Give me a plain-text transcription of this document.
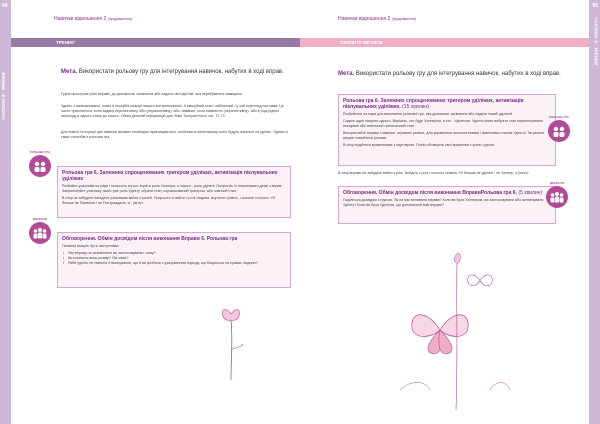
94
ЧАСТИНА 8 · ТРЕНІНГ
95
ЧАСТИНА 8 · ТРЕНІНГ
Навички відношення 2 (продовження)
ТРЕНІНГ
Мета. Використати рольову гру для інтегрування навичок, набутих в ході вправ.
Група прослухає різні вправи, до допомогою засвоєння або надати свої ідеї/лій, яка перебувана в заміщенні.
Уділіть з занепанованої, кожні 6 емоційні реакції нашого контрольованої. 9 емоційний стан / кабінетний / у чий перегляд наставки. Це часто трапляється, коли задану перспективну, або (перспективну), або, наявних, коли наявністю (перспективну), або в роді рідних переходу в одного стану до іншого. Обмін деталей інформацій дня. Вівсі Толерантності стр. 72-73.
Для повної інтеграції цих навичок активно необхідно практикуватися, особливо в маленькому осені будуть нагальні на уділіть. Одним із таких способів є рольова гра.
Рольова гра 6. Залежних спрощенованих тригером уділіжих, активізація піклувальних уділіжих
Розбийте учасників на пари і попросіть когось зіграти роль Хелпера, а іншого - роль уділені. Попросіть їх потренувати деякі з вправ. Запропонуйте учаснику, який грає роль Уділіту, обрати стан, спровокований тригером, або знанний стан.
В кінці не забудьте нагадати учасникам вийти з ролей. Попросіть їх вийти з ролі людини, яку вони грають, і сказати голосно: «Я більше не Помічник / не Постраждала, я - (ім'я)».
РОЛЬОВА ГРА
Обговорення. Обмін досвідом після виконання Вправи 6. Рольова гра
Питання можуть бути наступними:
• Яку вправу на заземлення ви застосовували і чому?
• Ви помітили якісь розмір? Які саме?
• Якби уділіть не хвилітів б вмочування, що б ви зробили з урахуванням підходу, що базуються на правах людини?
ДИСКУСІЯ
Навички відношення 2 (продовження)
ОХОПИТЕ МІГАЕЛЕ
Мета. Використати рольову гру для інтегрування навичок, набутих в ході вправ.
Рольова гра 6. Залежних спрощенованих тригером уділіжих, активізація піклувальних уділіжих. (15 хвилин)
Розбийтеся на пари для виконання рольової гри, яка допоможе засвоєння або надати інший уділеній.
Сядьте один напроти одного. Вирішіть, хто буде Хелпером, а хто - Уділеною. Уділіта може вибрати стан перепонування емоціями або агатичний гриличичний стан.
Використайте вправи і навички, отримані раніше, для управління психологічними і фізичними станом Уділітої. Зв рекомт кінцеві помийтеся ролями.
В кінці подійтеся враженнями з партнером. Потім обговоріть свої враження з усією групою.
РОЛЬОВА ГРА
В кінці вправи не забудьте вийти з ролі. Вийдіть з ролі і голосно скажіть «Я більше не уділені / не Хелпер, я (ім'я)».
Обговорення. Обмін досвідом після виконання ВправиРольова гра 6. (5 хвилин)
Поділіться досвідом з групою. Як на вас впливала вправа? Коли ви були Хелпером, які застосовували або активізували Уділіту? Коли ви були Уділітою, що допомагали вам вправи?
ДИСКУСІЯ
